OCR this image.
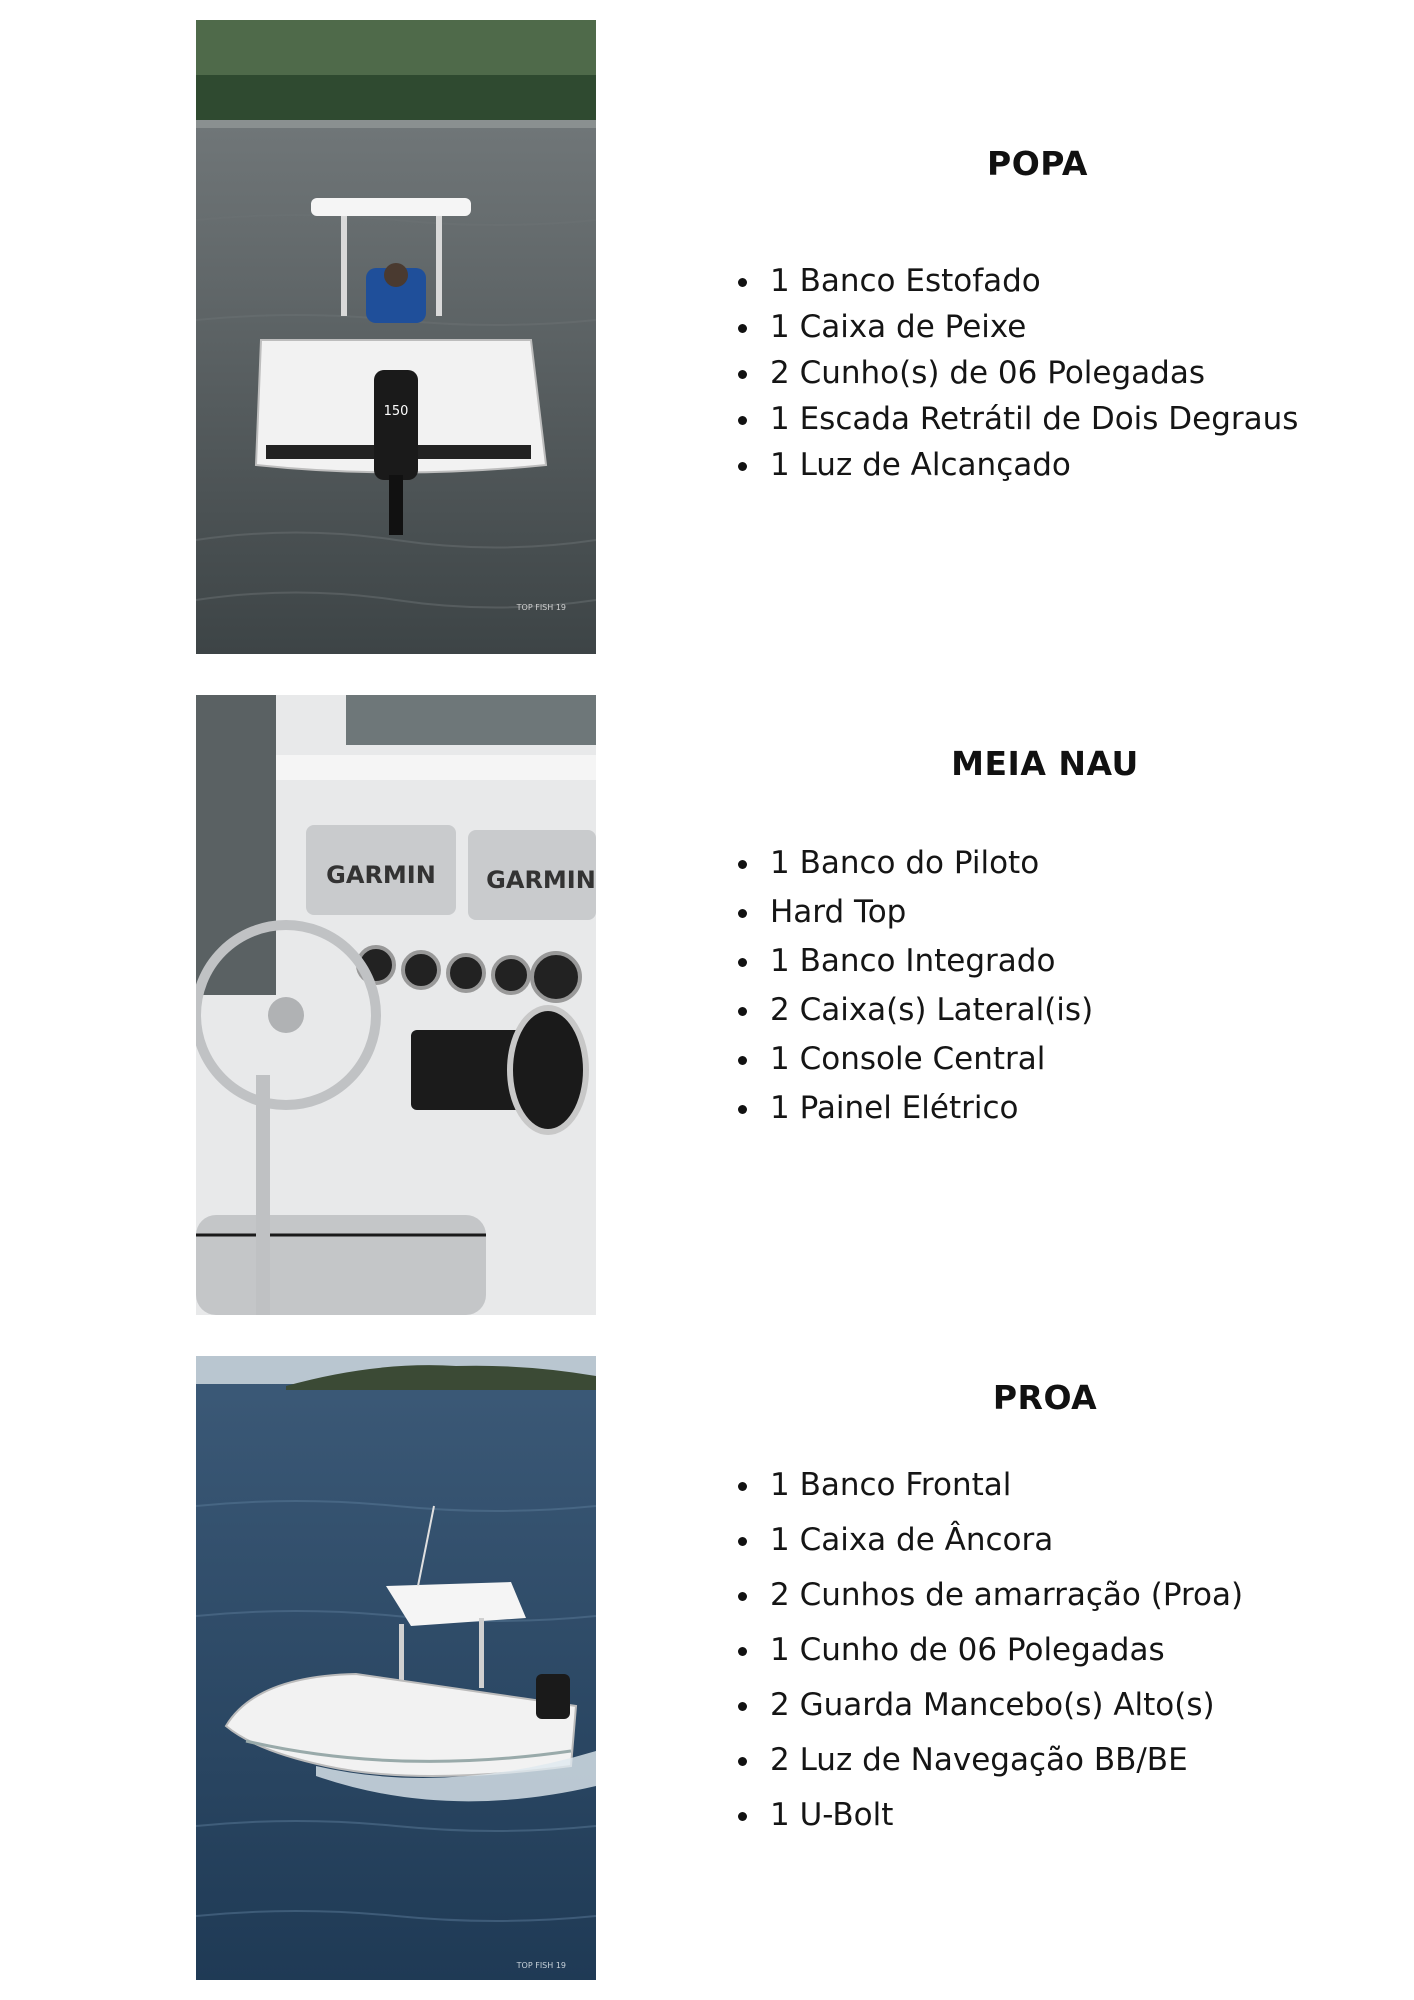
150
TOP FISH 19
GARMIN GARMIN
TOP FISH 19
POPA
1 Banco Estofado
1 Caixa de Peixe
2 Cunho(s) de 06 Polegadas
1 Escada Retrátil de Dois Degraus
1 Luz de Alcançado
MEIA NAU
1 Banco do Piloto
Hard Top
1 Banco Integrado
2 Caixa(s) Lateral(is)
1 Console Central
1 Painel Elétrico
PROA
1 Banco Frontal
1 Caixa de Âncora
2 Cunhos de amarração (Proa)
1 Cunho de 06 Polegadas
2 Guarda Mancebo(s) Alto(s)
2 Luz de Navegação BB/BE
1 U-Bolt
